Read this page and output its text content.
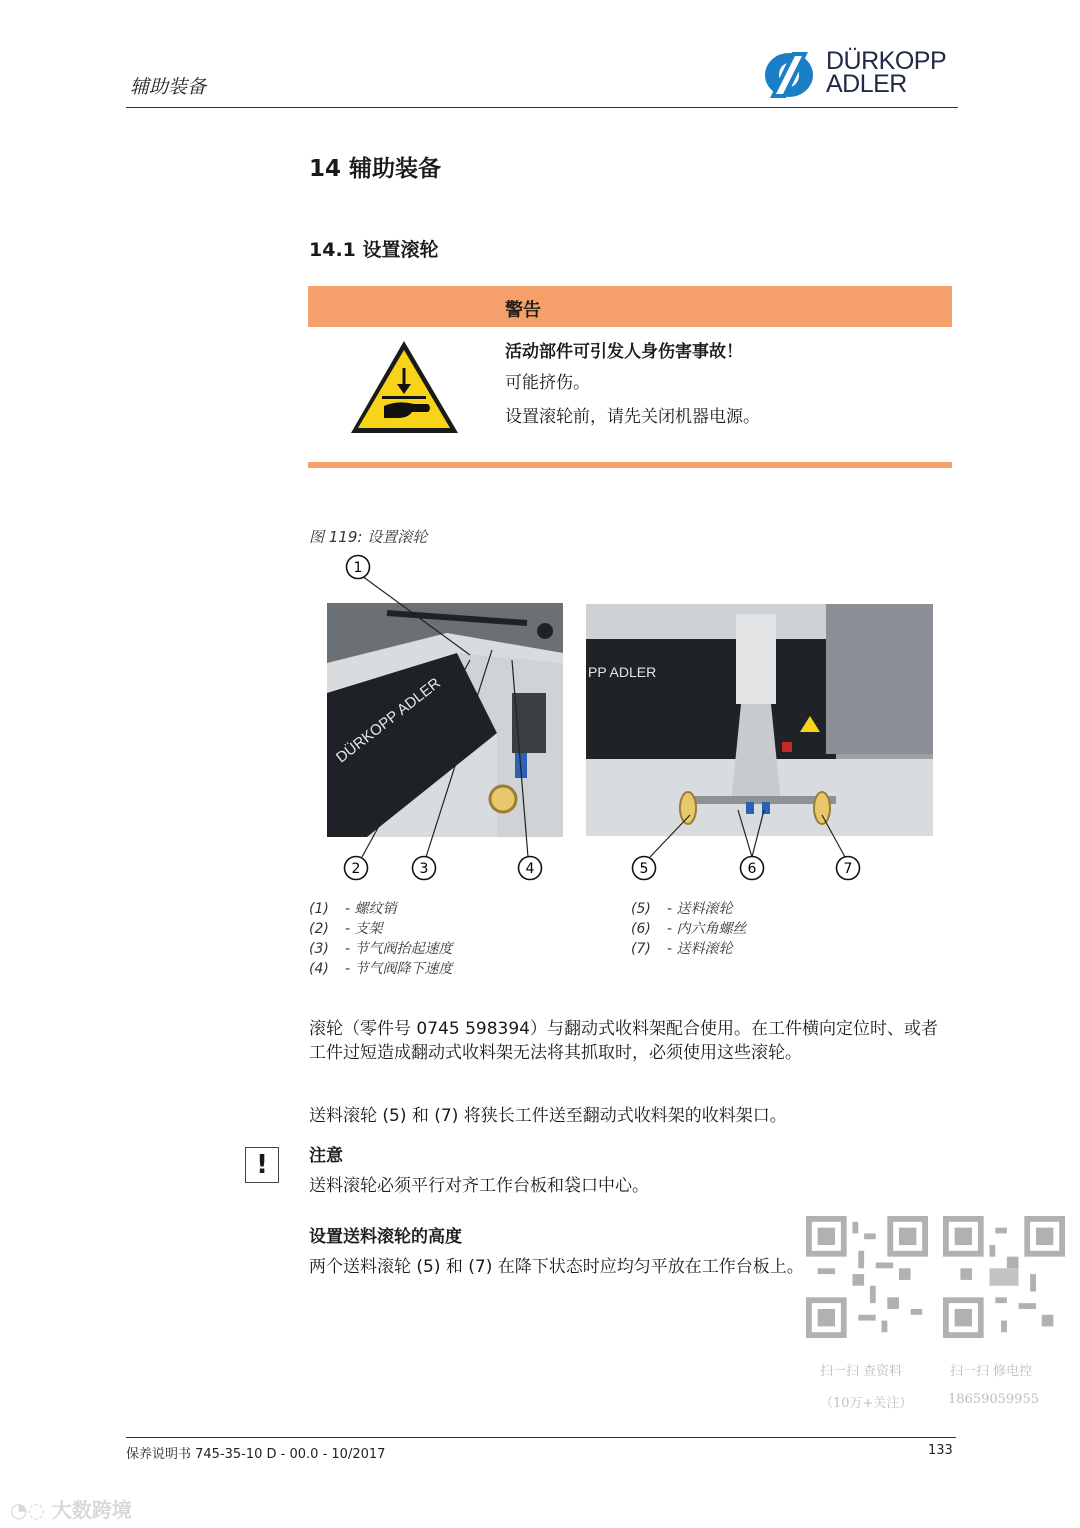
辅助装备
DÜRKOPP
ADLER
14 辅助装备
14.1 设置滚轮
警告
活动部件可引发人身伤害事故！
可能挤伤。
设置滚轮前，请先关闭机器电源。
图 119: 设置滚轮
DÜRKOPP ADLER
PP ADLER
1
2	3	4	5	6	7
(1) - 螺纹销
(2) - 支架
(3) - 节气阀抬起速度
(4) - 节气阀降下速度
(5) - 送料滚轮
(6) - 内六角螺丝
(7) - 送料滚轮
滚轮（零件号 0745 598394）与翻动式收料架配合使用。在工件横向定位时、或者工件过短造成翻动式收料架无法将其抓取时，必须使用这些滚轮。
送料滚轮 (5) 和 (7) 将狭长工件送至翻动式收料架的收料架口。
!	注意
送料滚轮必须平行对齐工作台板和袋口中心。
设置送料滚轮的高度
两个送料滚轮 (5) 和 (7) 在降下状态时应均匀平放在工作台板上。
扫一扫 查资料
（10万+关注）
扫一扫 修电控
18659059955
保养说明书 745-35-10 D - 00.0 - 10/2017	133
◔◌ 大数跨境
